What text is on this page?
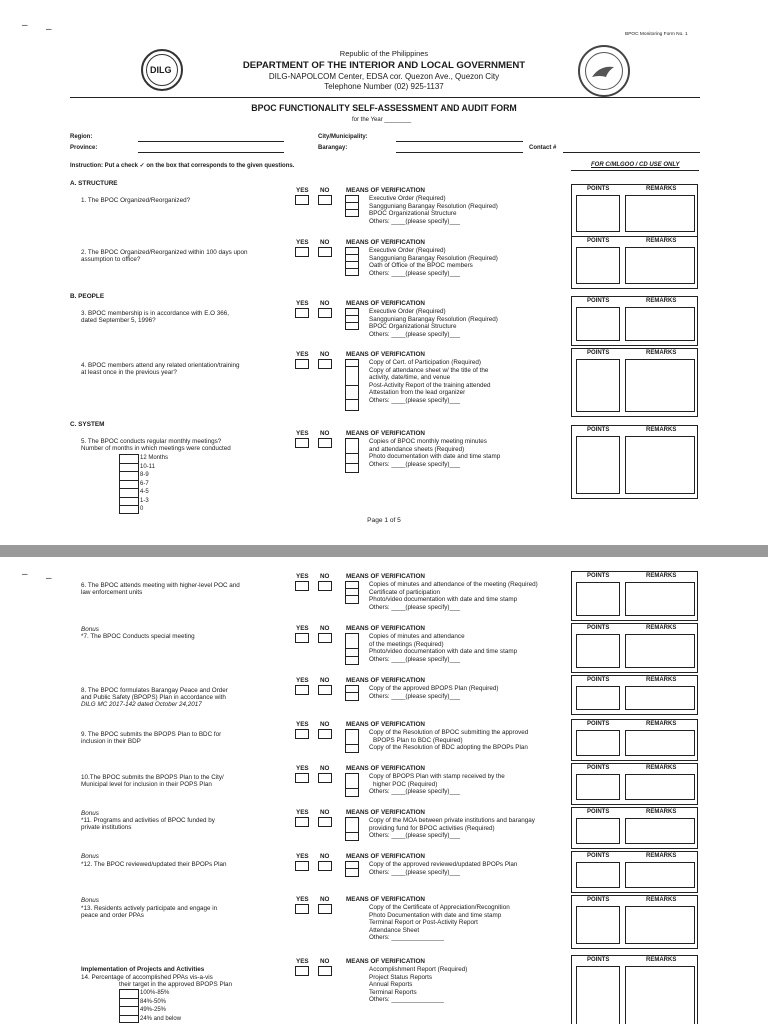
– –	BPOC Monitoring Form No. 1
DILG
Republic of the Philippines
DEPARTMENT OF THE INTERIOR AND LOCAL GOVERNMENT
DILG-NAPOLCOM Center, EDSA cor. Quezon Ave., Quezon City
Telephone Number (02) 925-1137
BPOC FUNCTIONALITY SELF-ASSESSMENT AND AUDIT FORM
for the Year ________
Region:
Province:
City/Municipality:
Barangay:	Contact #
Instruction: Put a check ✓ on the box that corresponds to the given questions.	FOR C/MLGOO / CD USE ONLY
A. STRUCTURE
B. PEOPLE
C. SYSTEM
1. The BPOC Organized/Reorganized?
YES NO	MEANS OF VERIFICATION
Executive Order (Required)
Sangguniang Barangay Resolution (Required)
BPOC Organizational Structure
Others: ____(please specify)___
POINTS	REMARKS
2. The BPOC Organized/Reorganized within 100 days upon
assumption to office?
YES NO	MEANS OF VERIFICATION
Executive Order (Required)
Sangguniang Barangay Resolution (Required)
Oath of Office of the BPOC members
Others: ____(please specify)___
POINTS	REMARKS
3. BPOC membership is in accordance with E.O 366,
dated September 5, 1996?
YES NO	MEANS OF VERIFICATION
Executive Order (Required)
Sangguniang Barangay Resolution (Required)
BPOC Organizational Structure
Others: ____(please specify)___
POINTS	REMARKS
4. BPOC members attend any related orientation/training
at least once in the previous year?
YES NO	MEANS OF VERIFICATION
Copy of Cert. of Participation (Required)
Copy of attendance sheet w/ the title of the
activity, date/time, and venue
Post-Activity Report of the training attended
Attestation from the lead organizer
Others: ____(please specify)___
POINTS	REMARKS
5. The BPOC conducts regular monthly meetings?
Number of months in which meetings were conducted
12 Months
10-11
8-9
6-7
4-5
1-3
0
YES NO	MEANS OF VERIFICATION
Copies of BPOC monthly meeting minutes
and attendance sheets (Required)
Photo documentation with date and time stamp
Others: ____(please specify)___
POINTS	REMARKS
Page 1 of 5
– –
6. The BPOC attends meeting with higher-level POC and
law enforcement units
YES NO	MEANS OF VERIFICATION
Copies of minutes and attendance of the meeting (Required)
Certificate of participation
Photo/video documentation with date and time stamp
Others: ____(please specify)___
POINTS	REMARKS
Bonus
*7. The BPOC Conducts special meeting
YES NO	MEANS OF VERIFICATION
Copies of minutes and attendance
of the meetings (Required)
Photo/video documentation with date and time stamp
Others: ____(please specify)___
POINTS	REMARKS
8. The BPOC formulates Barangay Peace and Order
and Public Safety (BPOPS) Plan in accordance with
DILG MC 2017-142 dated October 24,2017
YES NO	MEANS OF VERIFICATION
Copy of the approved BPOPS Plan (Required)
Others: ____(please specify)___
POINTS	REMARKS
9. The BPOC submits the BPOPS Plan to BDC for
inclusion in their BDP
YES NO	MEANS OF VERIFICATION
Copy of the Resolution of BPOC submitting the approved
BPOPS Plan to BDC (Required)
Copy of the Resolution of BDC adopting the BPOPs Plan
POINTS	REMARKS
10.The BPOC submits the BPOPS Plan to the City/
Municipal level for inclusion in their POPS Plan
YES NO	MEANS OF VERIFICATION
Copy of BPOPS Plan with stamp received by the
higher POC (Required)
Others: ____(please specify)___
POINTS	REMARKS
Bonus
*11. Programs and activities of BPOC funded by
private institutions
YES NO	MEANS OF VERIFICATION
Copy of the MOA between private institutions and barangay
providing fund for BPOC activities (Required)
Others: ____(please specify)___
POINTS	REMARKS
Bonus
*12. The BPOC reviewed/updated their BPOPs Plan
YES NO	MEANS OF VERIFICATION
Copy of the approved reviewed/updated BPOPs Plan
Others: ____(please specify)___
POINTS	REMARKS
Bonus
*13. Residents actively participate and engage in
peace and order PPAs
YES NO	MEANS OF VERIFICATION
Copy of the Certificate of Appreciation/Recognition
Photo Documentation with date and time stamp
Terminal Report or Post-Activity Report
Attendance Sheet
Others: _______________
POINTS	REMARKS
Implementation of Projects and Activities
14. Percentage of accomplished PPAs vis-a-vis
their target in the approved BPOPS Plan
100%-85%
84%-50%
49%-25%
24% and below
YES NO	MEANS OF VERIFICATION
Accomplishment Report (Required)
Project Status Reports
Annual Reports
Terminal Reports
Others: _______________
POINTS	REMARKS
